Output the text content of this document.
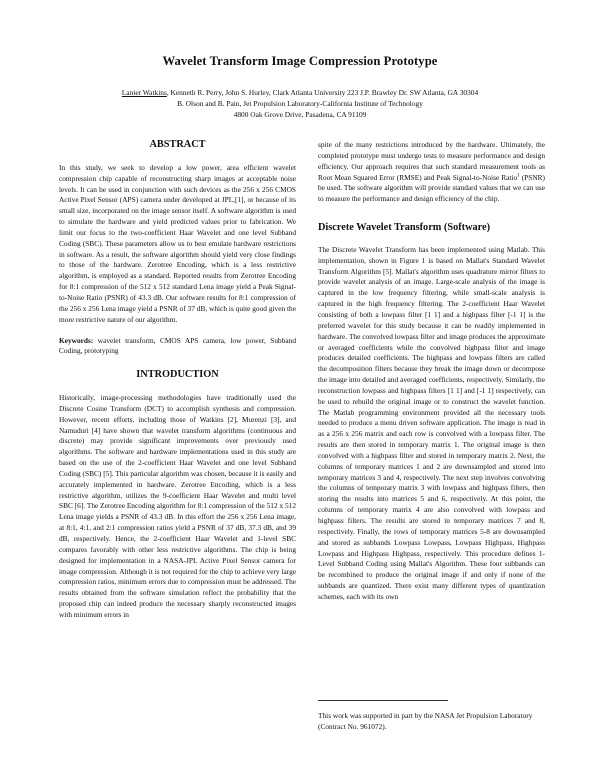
Wavelet Transform Image Compression Prototype
Lanier Watkins, Kenneth R. Perry, John S. Hurley, Clark Atlanta University 223 J.P. Brawley Dr. SW Atlanta, GA 30304
B. Olson and B. Pain, Jet Propulsion Laboratory-California Institute of Technology
4800 Oak Grove Drive, Pasadena, CA 91109

ABSTRACT

In this study, we seek to develop a low power, area efficient wavelet compression chip capable of reconstructing sharp images at acceptable noise levels. It can be used in conjunction with such devices as the 256 x 256 CMOS Active Pixel Sensor (APS) camera under developed at JPL,[1], or because of its small size, incorporated on the image sensor itself. A software algorithm is used to simulate the hardware and yield predicted values prior to fabrication. We limit our focus to the two-coefficient Haar Wavelet and one level Subband Coding (SBC). These parameters allow us to best emulate hardware restrictions in software. As a result, the software algorithm should yield very close findings to those of the hardware. Zerotree Encoding, which is a less restrictive algorithm, is employed as a standard. Reported results from Zerotree Encoding for 8:1 compression of the 512 x 512 standard Lena image yield a Peak Signal-to-Noise Ratio (PSNR) of 43.3 dB. Our software results for 8:1 compression of the 256 x 256 Lena image yield a PSNR of 37 dB, which is quite good given the more restrictive nature of our algorithm.

Keywords: wavelet transform, CMOS APS camera, low power, Subband Coding, prototyping

INTRODUCTION

Historically, image-processing methodologies have traditionally used the Discrete Cosine Transform (DCT) to accomplish synthesis and compression. However, recent efforts, including those of Watkins [2], Murenzi [3], and Namuduri [4] have shown that wavelet transform algorithms (continuous and discrete) may provide significant improvements over previously used algorithms. The software and hardware implementations used in this study are based on the use of the 2-coefficient Haar Wavelet and one level Subband Coding (SBC) [5]. This particular algorithm was chosen, because it is easily and accurately implemented in hardware. Zerotree Encoding, which is a less restrictive algorithm, utilizes the 9-coefficient Haar Wavelet and multi level SBC [6]. The Zerotree Encoding algorithm for 8:1 compression of the 512 x 512 Lena image yields a PSNR of 43.3 dB. In this effort the 256 x 256 Lena image, at 8:1, 4:1, and 2:1 compression ratios yield a PSNR of 37 dB, 37.3 dB, and 39 dB, respectively. Hence, the 2-coefficient Haar Wavelet and 1-level SBC compares favorably with other less restrictive algorithms. The chip is being designed for implementation in a NASA-JPL Active Pixel Sensor camera for image compression. Although it is not required for the chip to achieve very large compression ratios, minimum errors due to compression must be addressed. The results obtained from the software simulation reflect the probability that the proposed chip can indeed produce the necessary sharply reconstructed images with minimum errors in

spite of the many restrictions introduced by the hardware. Ultimately, the completed prototype must undergo tests to measure performance and design efficiency. Our approach requires that such standard measurement tools as Root Mean Squared Error (RMSE) and Peak Signal-to-Noise Ratio$^1$ (PSNR) be used. The software algorithm will provide standard values that we can use to measure the performance and design efficiency of the chip.

Discrete Wavelet Transform (Software)

The Discrete Wavelet Transform has been implemented using Matlab. This implementation, shown in Figure 1 is based on Mallat's Standard Wavelet Transform Algorithm [5]. Mallat's algorithm uses quadrature mirror filters to provide wavelet analysis of an image. Large-scale analysis of the image is captured in the low frequency filtering, while small-scale analysis is captured in the high frequency filtering. The 2-coefficient Haar Wavelet consisting of both a lowpass filter [1 1] and a highpass filter [-1 1] is the preferred wavelet for this study because it can be readily implemented in hardware. The convolved lowpass filter and image produces the approximate or averaged coefficients while the convolved highpass filter and image produces detailed coefficients. The highpass and lowpass filters are called the decomposition filters because they break the image down or decompose the image into detailed and averaged coefficients, respectively. Similarly, the reconstruction lowpass and highpass filters [1 1] and [-1 1] respectively, can be used to rebuild the original image or to construct the wavelet function. The Matlab programming environment provided all the necessary tools needed to produce a menu driven software application. The image is read in as a 256 x 256 matrix and each row is convolved with a lowpass filter. The results are then stored in temporary matrix 1. The original image is then convolved with a highpass filter and stored in temporary matrix 2. Next, the columns of temporary matrices 1 and 2 are downsampled and stored into temporary matrices 3 and 4, respectively. The next step involves convolving the columns of temporary matrix 3 with lowpass and highpass filters, then storing the results into matrices 5 and 6, respectively. At this point, the columns of temporary matrix 4 are also convolved with lowpass and highpass filters. The results are stored in temporary matrices 7 and 8, respectively. Finally, the rows of temporary matrices 5-8 are downsampled and stored as subbands Lowpass Lowpass, Lowpass Highpass, Highpass Lowpass and Highpass Highpass, respectively. This procedure defines 1-Level Subband Coding using Mallat's Algorithm. These four subbands can be recombined to produce the original image if and only if none of the subbands are quantized. There exist many different types of quantization schemes, each with its own

This work was supported in part by the NASA Jet Propulsion Laboratory (Contract No. 961072).
